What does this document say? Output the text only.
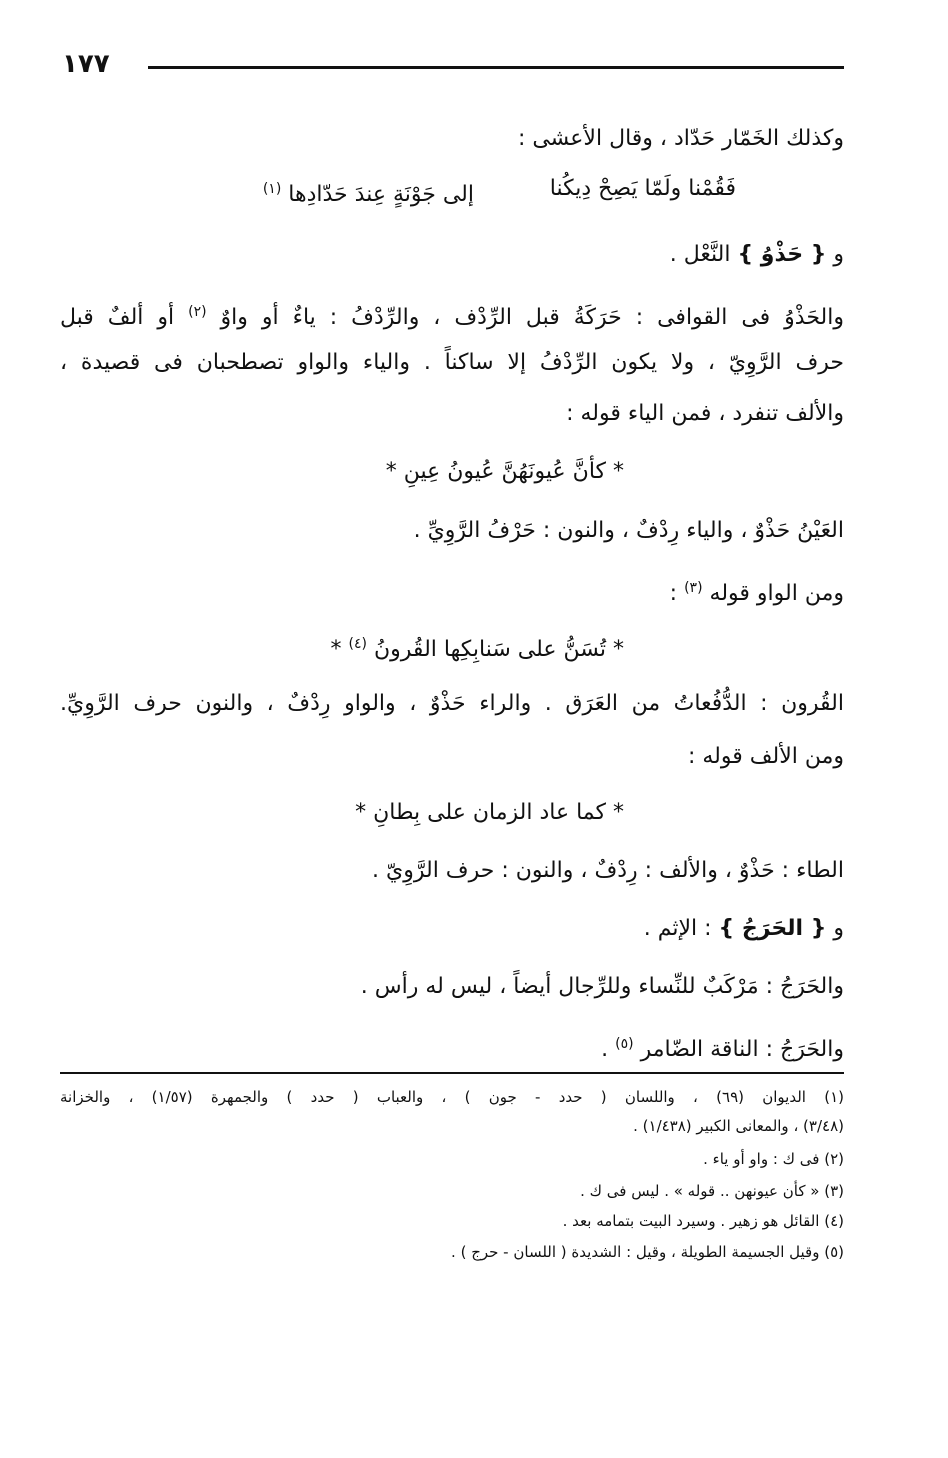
١٧٧
وكذلك الخَمّار حَدّاد ، وقال الأعشى :
فَقُمْنا ولَمّا يَصِحْ دِيكُنا
إلى جَوْنَةٍ عِندَ حَدّادِها $^{(١)}$
و { حَذْوُ } النَّعْل .
والحَذْوُ فى القوافى : حَرَكَةُ قبل الرِّدْف ، والرِّدْفُ : ياءٌ أو واوٌ $^{(٢)}$ أو ألفٌ قبل
حرف الرَّوِيّ ، ولا يكون الرِّدْفُ إلا ساكناً . والياء والواو تصطحبان فى قصيدة ،
والألف تنفرد ، فمن الياء قوله :
* كأنَّ عُيونَهُنَّ عُيونُ عِينِ *
العَيْنُ حَذْوٌ ، والياء رِدْفٌ ، والنون : حَرْفُ الرَّوِيِّ .
ومن الواو قوله $^{(٣)}$ :
* تُسَنُّ على سَنابِكِها القُرونُ $^{(٤)}$ *
القُرون : الدُّفُعاتُ من العَرَق . والراء حَذْوٌ ، والواو رِدْفٌ ، والنون حرف الرَّوِيِّ.
ومن الألف قوله :
* كما عاد الزمان على بِطانِ *
الطاء : حَذْوٌ ، والألف : رِدْفٌ ، والنون : حرف الرَّوِيّ .
و { الحَرَجُ } : الإثم .
والحَرَجُ : مَرْكَبٌ للنِّساء وللرِّجال أيضاً ، ليس له رأس .
والحَرَجُ : الناقة الضّامر $^{(٥)}$ .
(١) الديوان (٦٩) ، واللسان ( حدد - جون ) ، والعباب ( حدد ) والجمهرة (١/٥٧) ، والخزانة
(٣/٤٨) ، والمعانى الكبير (١/٤٣٨) .
(٢) فى ك : واو أو ياء .
(٣) « كأن عيونهن .. قوله » . ليس فى ك .
(٤) القائل هو زهير . وسيرد البيت بتمامه بعد .
(٥) وقيل الجسيمة الطويلة ، وقيل : الشديدة ( اللسان - حرج ) .
